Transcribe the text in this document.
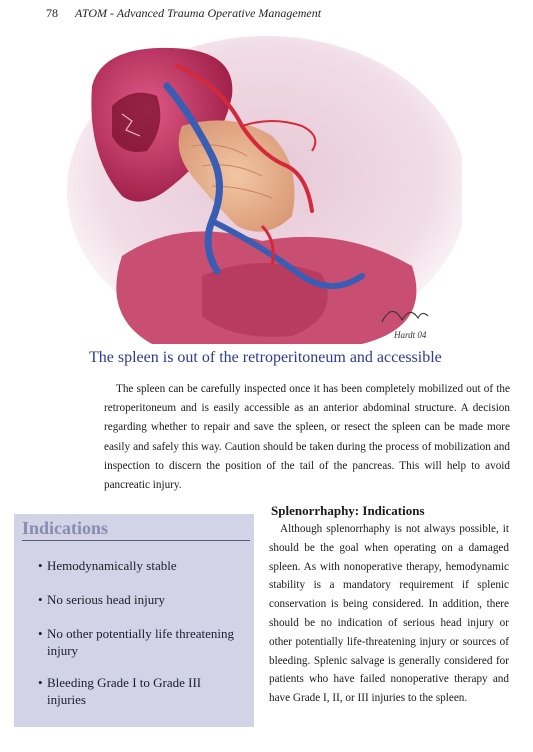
78 ATOM - Advanced Trauma Operative Management
Hardt 04
The spleen is out of the retroperitoneum and accessible

The spleen can be carefully inspected once it has been completely mobilized out of the retroperitoneum and is easily accessible as an anterior abdominal structure. A decision regarding whether to repair and save the spleen, or resect the spleen can be made more easily and safely this way. Caution should be taken during the process of mobilization and inspection to discern the position of the tail of the pancreas. This will help to avoid pancreatic injury.

Indications
• Hemodynamically stable
• No serious head injury
• No other potentially life threatening injury
• Bleeding Grade I to Grade III injuries
Splenorrhaphy: Indications

Although splenorrhaphy is not always possible, it should be the goal when operating on a damaged spleen. As with nonoperative therapy, hemodynamic stability is a mandatory requirement if splenic conservation is being considered. In addition, there should be no indication of serious head injury or other potentially life-threatening injury or sources of bleeding. Splenic salvage is generally considered for patients who have failed nonoperative therapy and have Grade I, II, or III injuries to the spleen.
